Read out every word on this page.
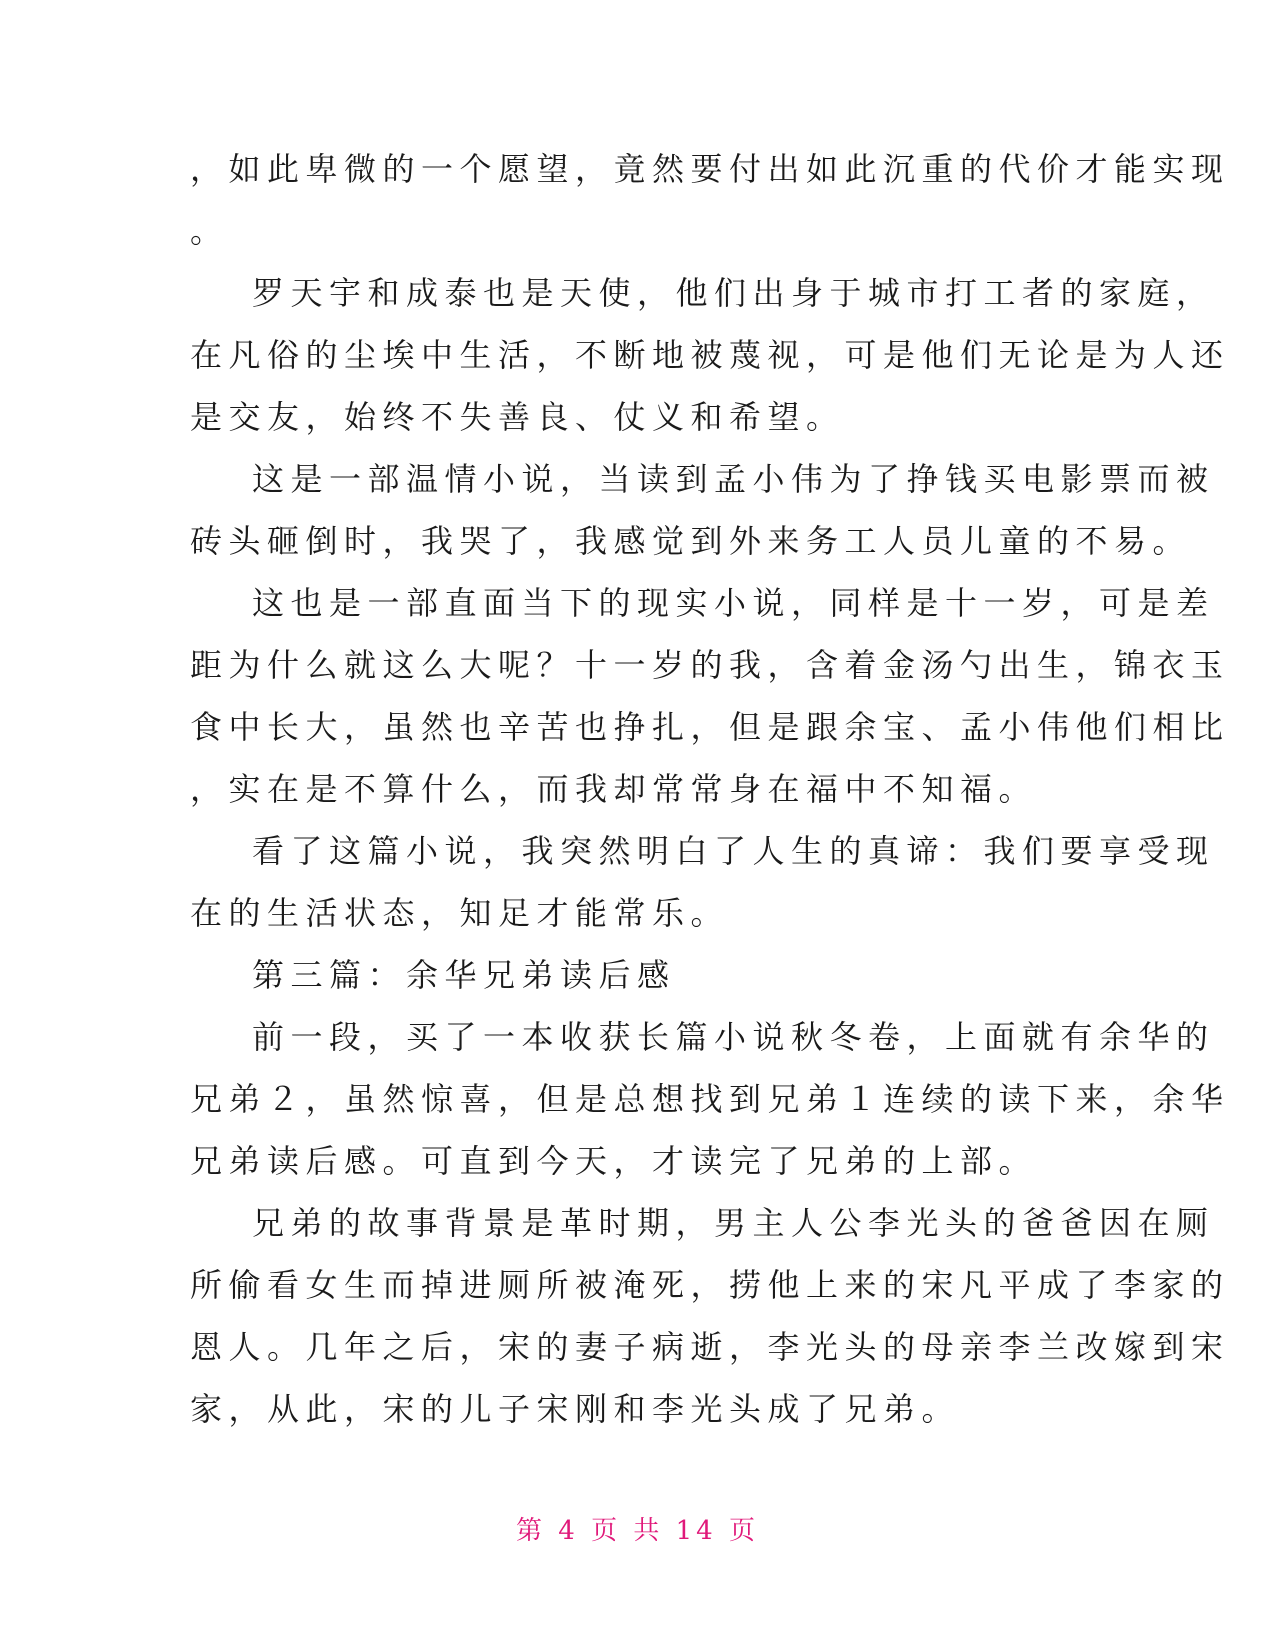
，如此卑微的一个愿望，竟然要付出如此沉重的代价才能实现
。
罗天宇和成泰也是天使，他们出身于城市打工者的家庭，
在凡俗的尘埃中生活，不断地被蔑视，可是他们无论是为人还
是交友，始终不失善良、仗义和希望。
这是一部温情小说，当读到孟小伟为了挣钱买电影票而被
砖头砸倒时，我哭了，我感觉到外来务工人员儿童的不易。
这也是一部直面当下的现实小说，同样是十一岁，可是差
距为什么就这么大呢？十一岁的我，含着金汤勺出生，锦衣玉
食中长大，虽然也辛苦也挣扎，但是跟余宝、孟小伟他们相比
，实在是不算什么，而我却常常身在福中不知福。
看了这篇小说，我突然明白了人生的真谛：我们要享受现
在的生活状态，知足才能常乐。
第三篇：余华兄弟读后感
前一段，买了一本收获长篇小说秋冬卷，上面就有余华的
兄弟２，虽然惊喜，但是总想找到兄弟１连续的读下来，余华
兄弟读后感。可直到今天，才读完了兄弟的上部。
兄弟的故事背景是革时期，男主人公李光头的爸爸因在厕
所偷看女生而掉进厕所被淹死，捞他上来的宋凡平成了李家的
恩人。几年之后，宋的妻子病逝，李光头的母亲李兰改嫁到宋
家，从此，宋的儿子宋刚和李光头成了兄弟。
第 4 页 共 14 页
